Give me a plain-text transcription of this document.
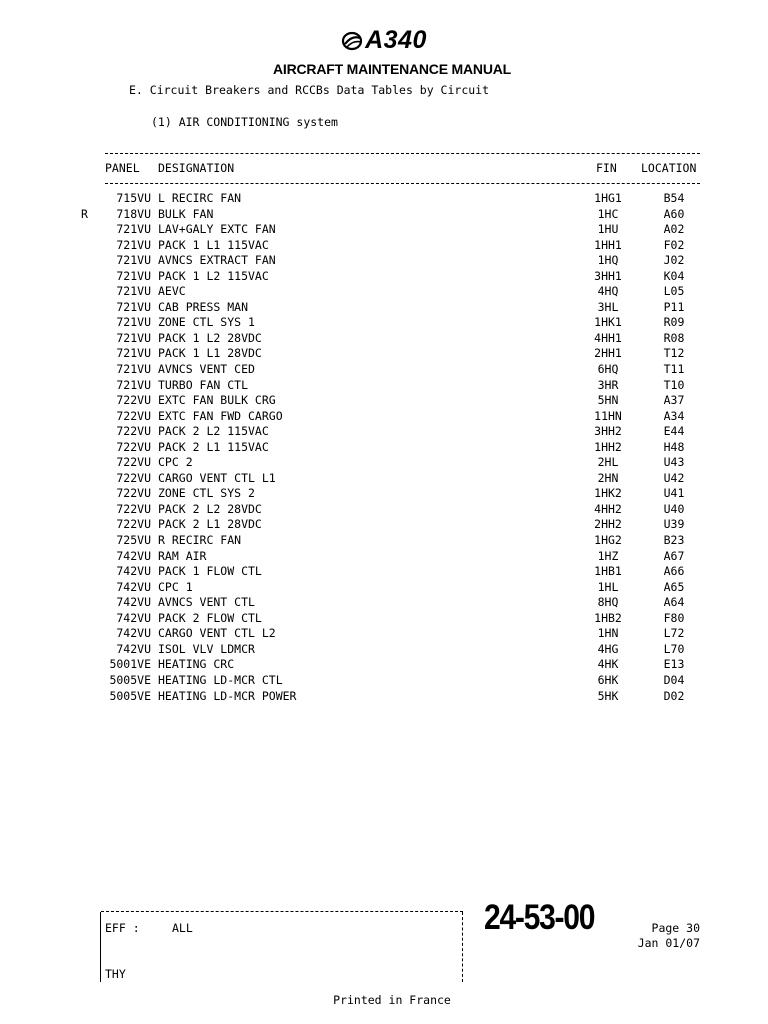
A340
AIRCRAFT MAINTENANCE MANUAL
E. Circuit Breakers and RCCBs Data Tables by Circuit
(1) AIR CONDITIONING system
PANEL DESIGNATION	FIN LOCATION
715VU L RECIRC FAN	1HG1	B54
R	718VU BULK FAN	1HC	A60
721VU LAV+GALY EXTC FAN	1HU	A02
721VU PACK 1 L1 115VAC	1HH1	F02
721VU AVNCS EXTRACT FAN	1HQ	J02
721VU PACK 1 L2 115VAC	3HH1	K04
721VU AEVC	4HQ	L05
721VU CAB PRESS MAN	3HL	P11
721VU ZONE CTL SYS 1	1HK1	R09
721VU PACK 1 L2 28VDC	4HH1	R08
721VU PACK 1 L1 28VDC	2HH1	T12
721VU AVNCS VENT CED	6HQ	T11
721VU TURBO FAN CTL	3HR	T10
722VU EXTC FAN BULK CRG	5HN	A37
722VU EXTC FAN FWD CARGO	11HN	A34
722VU PACK 2 L2 115VAC	3HH2	E44
722VU PACK 2 L1 115VAC	1HH2	H48
722VU CPC 2	2HL	U43
722VU CARGO VENT CTL L1	2HN	U42
722VU ZONE CTL SYS 2	1HK2	U41
722VU PACK 2 L2 28VDC	4HH2	U40
722VU PACK 2 L1 28VDC	2HH2	U39
725VU R RECIRC FAN	1HG2	B23
742VU RAM AIR	1HZ	A67
742VU PACK 1 FLOW CTL	1HB1	A66
742VU CPC 1	1HL	A65
742VU AVNCS VENT CTL	8HQ	A64
742VU PACK 2 FLOW CTL	1HB2	F80
742VU CARGO VENT CTL L2	1HN	L72
742VU ISOL VLV LDMCR	4HG	L70
5001VE HEATING CRC	4HK	E13
5005VE HEATING LD-MCR CTL	6HK	D04
5005VE HEATING LD-MCR POWER	5HK	D02
EFF :	ALL
THY
24-53-00	Page 30
Jan 01/07
Printed in France
